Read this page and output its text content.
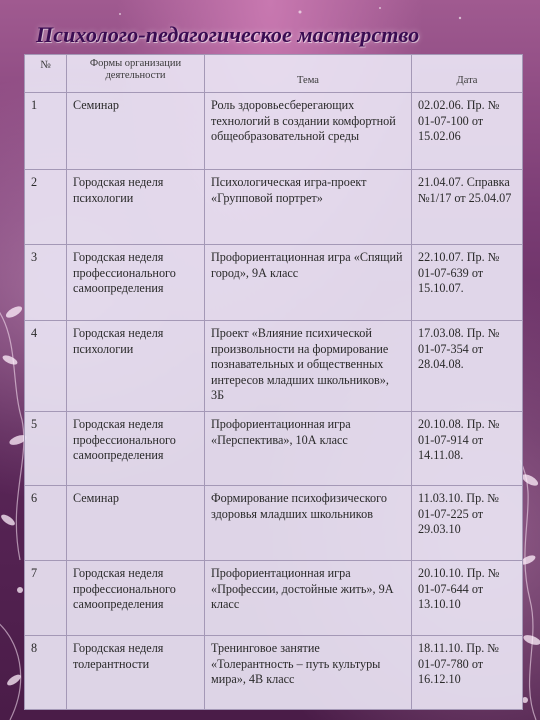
Психолого-педагогическое мастерство
№	Формы организации деятельности	Тема	Дата
1	Семинар	Роль здоровьесберегающих технологий в создании комфортной общеобразовательной среды	02.02.06. Пр. № 01-07-100 от 15.02.06
2	Городская неделя психологии	Психологическая игра-проект «Групповой портрет»	21.04.07. Справка №1/17 от 25.04.07
3	Городская неделя профессионального самоопределения	Профориентационная игра «Спящий город», 9А класс	22.10.07. Пр. № 01-07-639 от 15.10.07.
4	Городская неделя психологии	Проект «Влияние психической произвольности на формирование познавательных и общественных интересов младших школьников», 3Б	17.03.08. Пр. № 01-07-354 от 28.04.08.
5	Городская неделя профессионального самоопределения	Профориентационная игра «Перспектива», 10А класс	20.10.08. Пр. № 01-07-914 от 14.11.08.
6	Семинар	Формирование психофизического здоровья младших школьников	11.03.10. Пр. № 01-07-225 от 29.03.10
7	Городская неделя профессионального самоопределения	Профориентационная игра «Профессии, достойные жить», 9А класс	20.10.10. Пр. № 01-07-644 от 13.10.10
8	Городская неделя толерантности	Тренинговое занятие «Толерантность – путь культуры мира», 4В класс	18.11.10. Пр. № 01-07-780 от 16.12.10
